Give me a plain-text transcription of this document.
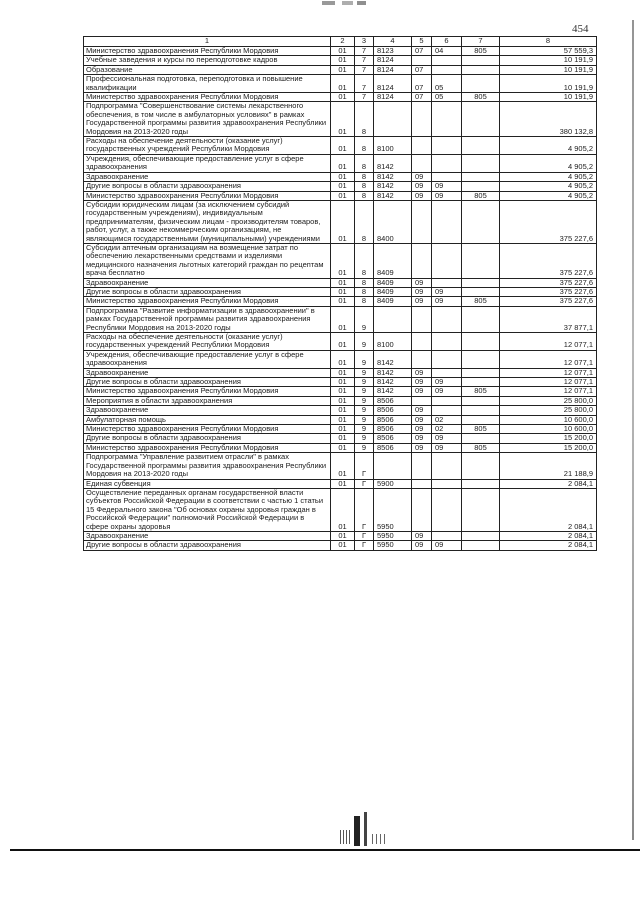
454
1	2	3	4	5	6	7	8
Министерство здравоохранения Республики Мордовия	01	7	8123	07	04	805	57 559,3
Учебные заведения и курсы по переподготовке кадров	01	7	8124				10 191,9
Образование	01	7	8124	07			10 191,9
Профессиональная подготовка, переподготовка и повышение квалификации	01	7	8124	07	05		10 191,9
Министерство здравоохранения Республики Мордовия	01	7	8124	07	05	805	10 191,9
Подпрограмма "Совершенствование системы лекарственного обеспечения, в том числе в амбулаторных условиях" в рамках Государственной программы развития здравоохранения Республики Мордовия на 2013-2020 годы	01	8					380 132,8
Расходы на обеспечение деятельности (оказание услуг) государственных учреждений Республики Мордовия	01	8	8100				4 905,2
Учреждения, обеспечивающие предоставление услуг в сфере здравоохранения	01	8	8142				4 905,2
Здравоохранение	01	8	8142	09			4 905,2
Другие вопросы в области здравоохранения	01	8	8142	09	09		4 905,2
Министерство здравоохранения Республики Мордовия	01	8	8142	09	09	805	4 905,2
Субсидии юридическим лицам (за исключением субсидий государственным учреждениям), индивидуальным предпринимателям, физическим лицам - производителям товаров, работ, услуг, а также некоммерческим организациям, не являющимся государственными (муниципальными) учреждениями	01	8	8400				375 227,6
Субсидии аптечным организациям на возмещение затрат по обеспечению лекарственными средствами и изделиями медицинского назначения льготных категорий граждан по рецептам врача бесплатно	01	8	8409				375 227,6
Здравоохранение	01	8	8409	09			375 227,6
Другие вопросы в области здравоохранения	01	8	8409	09	09		375 227,6
Министерство здравоохранения Республики Мордовия	01	8	8409	09	09	805	375 227,6
Подпрограмма "Развитие информатизации в здравоохранении" в рамках Государственной программы развития здравоохранения Республики Мордовия на 2013-2020 годы	01	9					37 877,1
Расходы на обеспечение деятельности (оказание услуг) государственных учреждений Республики Мордовия	01	9	8100				12 077,1
Учреждения, обеспечивающие предоставление услуг в сфере здравоохранения	01	9	8142				12 077,1
Здравоохранение	01	9	8142	09			12 077,1
Другие вопросы в области здравоохранения	01	9	8142	09	09		12 077,1
Министерство здравоохранения Республики Мордовия	01	9	8142	09	09	805	12 077,1
Мероприятия в области здравоохранения	01	9	8506				25 800,0
Здравоохранение	01	9	8506	09			25 800,0
Амбулаторная помощь	01	9	8506	09	02		10 600,0
Министерство здравоохранения Республики Мордовия	01	9	8506	09	02	805	10 600,0
Другие вопросы в области здравоохранения	01	9	8506	09	09		15 200,0
Министерство здравоохранения Республики Мордовия	01	9	8506	09	09	805	15 200,0
Подпрограмма "Управление развитием отрасли" в рамках Государственной программы развития здравоохранения Республики Мордовия на 2013-2020 годы	01	Г					21 188,9
Единая субвенция	01	Г	5900				2 084,1
Осуществление переданных органам государственной власти субъектов Российской Федерации в соответствии с частью 1 статьи 15 Федерального закона "Об основах охраны здоровья граждан в Российской Федерации" полномочий Российской Федерации в сфере охраны здоровья	01	Г	5950				2 084,1
Здравоохранение	01	Г	5950	09			2 084,1
Другие вопросы в области здравоохранения	01	Г	5950	09	09		2 084,1
